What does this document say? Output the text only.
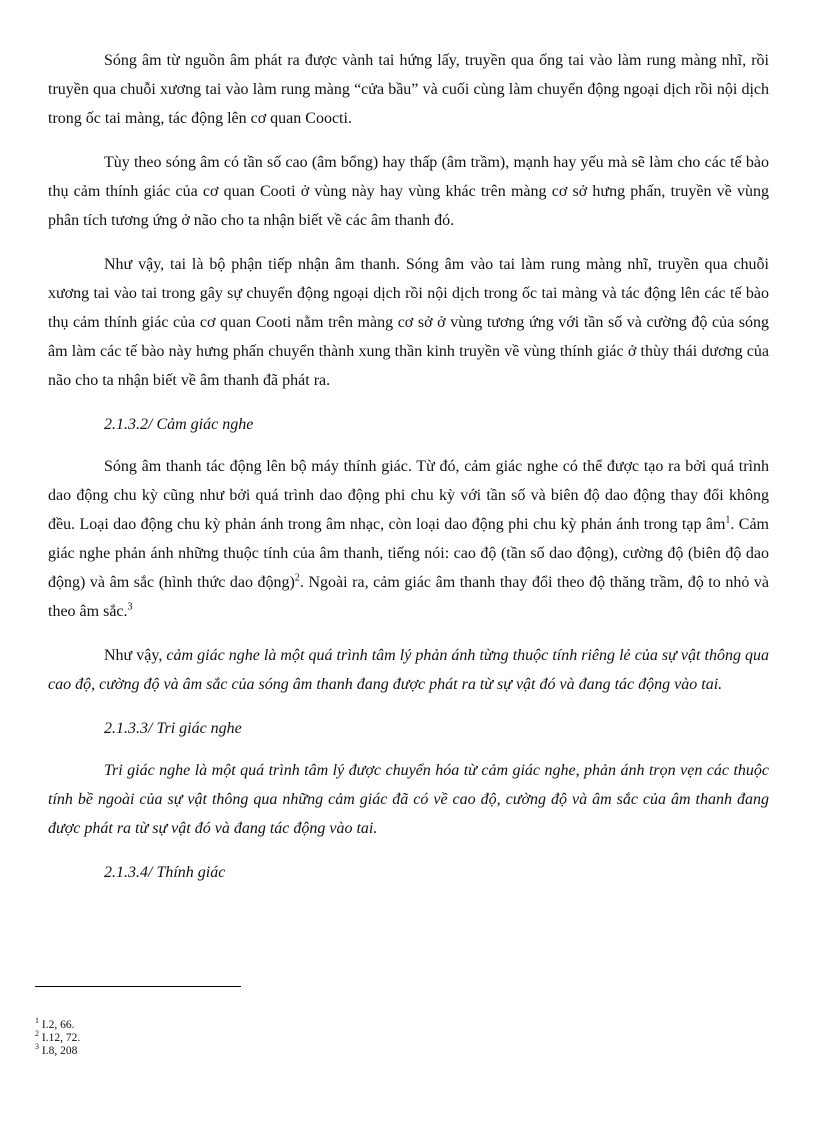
Sóng âm từ nguồn âm phát ra được vành tai hứng lấy, truyền qua ống tai vào làm rung màng nhĩ, rồi truyền qua chuỗi xương tai vào làm rung màng “cửa bầu” và cuối cùng làm chuyển động ngoại dịch rồi nội dịch trong ốc tai màng, tác động lên cơ quan Coocti.

Tùy theo sóng âm có tần số cao (âm bổng) hay thấp (âm trầm), mạnh hay yếu mà sẽ làm cho các tế bào thụ cảm thính giác của cơ quan Cooti ở vùng này hay vùng khác trên màng cơ sở hưng phấn, truyền về vùng phân tích tương ứng ở não cho ta nhận biết về các âm thanh đó.

Như vậy, tai là bộ phận tiếp nhận âm thanh. Sóng âm vào tai làm rung màng nhĩ, truyền qua chuỗi xương tai vào tai trong gây sự chuyển động ngoại dịch rồi nội dịch trong ốc tai màng và tác động lên các tế bào thụ cảm thính giác của cơ quan Cooti nằm trên màng cơ sở ở vùng tương ứng với tần số và cường độ của sóng âm làm các tế bào này hưng phấn chuyển thành xung thần kinh truyền về vùng thính giác ở thùy thái dương của não cho ta nhận biết về âm thanh đã phát ra.

2.1.3.2/ Cảm giác nghe

Sóng âm thanh tác động lên bộ máy thính giác. Từ đó, cảm giác nghe có thể được tạo ra bởi quá trình dao động chu kỳ cũng như bởi quá trình dao động phi chu kỳ với tần số và biên độ dao động thay đổi không đều. Loại dao động chu kỳ phản ánh trong âm nhạc, còn loại dao động phi chu kỳ phản ánh trong tạp $âm^1$. Cảm giác nghe phản ánh những thuộc tính của âm thanh, tiếng nói: cao độ (tần số dao động), cường độ (biên độ dao động) và âm sắc (hình thức dao động)$^2$. Ngoài ra, cảm giác âm thanh thay đổi theo độ thăng trầm, độ to nhỏ và theo âm sắc.$^3$

Như vậy, cảm giác nghe là một quá trình tâm lý phản ánh từng thuộc tính riêng lẻ của sự vật thông qua cao độ, cường độ và âm sắc của sóng âm thanh đang được phát ra từ sự vật đó và đang tác động vào tai.

2.1.3.3/ Tri giác nghe

Tri giác nghe là một quá trình tâm lý được chuyển hóa từ cảm giác nghe, phản ánh trọn vẹn các thuộc tính bề ngoài của sự vật thông qua những cảm giác đã có về cao độ, cường độ và âm sắc của âm thanh đang được phát ra từ sự vật đó và đang tác động vào tai.

2.1.3.4/ Thính giác

$^1$ I.2, 66.
$^2$ I.12, 72.
$^3$ I.8, 208
